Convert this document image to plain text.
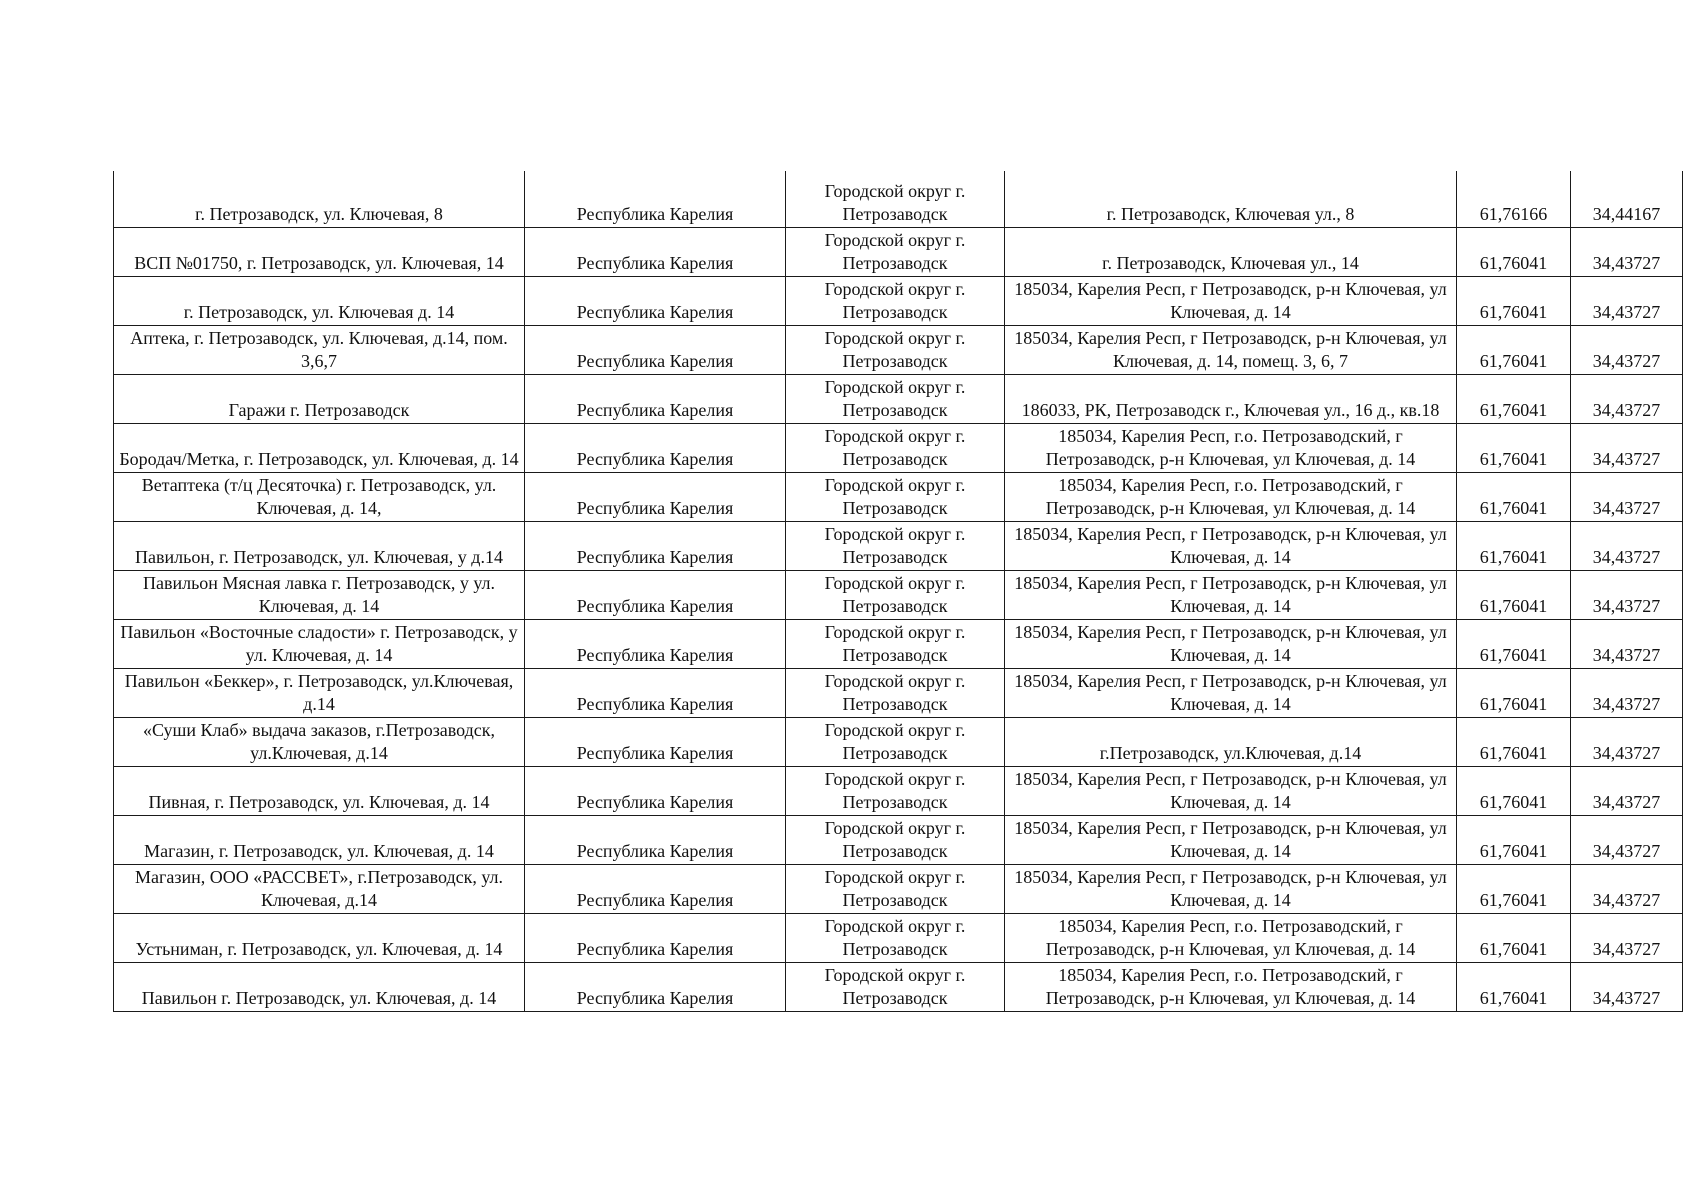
г. Петрозаводск, ул. Ключевая, 8	Республика Карелия	Городской округ г. Петрозаводск	г. Петрозаводск, Ключевая ул., 8	61,76166	34,44167
ВСП №01750, г. Петрозаводск, ул. Ключевая, 14	Республика Карелия	Городской округ г. Петрозаводск	г. Петрозаводск, Ключевая ул., 14	61,76041	34,43727
г. Петрозаводск, ул. Ключевая д. 14	Республика Карелия	Городской округ г. Петрозаводск	185034, Карелия Респ, г Петрозаводск, р-н Ключевая, ул Ключевая, д. 14	61,76041	34,43727
Аптека, г. Петрозаводск, ул. Ключевая, д.14, пом. 3,6,7	Республика Карелия	Городской округ г. Петрозаводск	185034, Карелия Респ, г Петрозаводск, р-н Ключевая, ул Ключевая, д. 14, помещ. 3, 6, 7	61,76041	34,43727
Гаражи г. Петрозаводск	Республика Карелия	Городской округ г. Петрозаводск	186033, РК, Петрозаводск г., Ключевая ул., 16 д., кв.18	61,76041	34,43727
Бородач/Метка, г. Петрозаводск, ул. Ключевая, д. 14	Республика Карелия	Городской округ г. Петрозаводск	185034, Карелия Респ, г.о. Петрозаводский, г Петрозаводск, р-н Ключевая, ул Ключевая, д. 14	61,76041	34,43727
Ветаптека (т/ц Десяточка) г. Петрозаводск, ул. Ключевая, д. 14,	Республика Карелия	Городской округ г. Петрозаводск	185034, Карелия Респ, г.о. Петрозаводский, г Петрозаводск, р-н Ключевая, ул Ключевая, д. 14	61,76041	34,43727
Павильон, г. Петрозаводск, ул. Ключевая, у д.14	Республика Карелия	Городской округ г. Петрозаводск	185034, Карелия Респ, г Петрозаводск, р-н Ключевая, ул Ключевая, д. 14	61,76041	34,43727
Павильон Мясная лавка г. Петрозаводск, у ул. Ключевая, д. 14	Республика Карелия	Городской округ г. Петрозаводск	185034, Карелия Респ, г Петрозаводск, р-н Ключевая, ул Ключевая, д. 14	61,76041	34,43727
Павильон «Восточные сладости» г. Петрозаводск, у ул. Ключевая, д. 14	Республика Карелия	Городской округ г. Петрозаводск	185034, Карелия Респ, г Петрозаводск, р-н Ключевая, ул Ключевая, д. 14	61,76041	34,43727
Павильон «Беккер», г. Петрозаводск, ул.Ключевая, д.14	Республика Карелия	Городской округ г. Петрозаводск	185034, Карелия Респ, г Петрозаводск, р-н Ключевая, ул Ключевая, д. 14	61,76041	34,43727
«Суши Клаб» выдача заказов, г.Петрозаводск, ул.Ключевая, д.14	Республика Карелия	Городской округ г. Петрозаводск	г.Петрозаводск, ул.Ключевая, д.14	61,76041	34,43727
Пивная, г. Петрозаводск, ул. Ключевая, д. 14	Республика Карелия	Городской округ г. Петрозаводск	185034, Карелия Респ, г Петрозаводск, р-н Ключевая, ул Ключевая, д. 14	61,76041	34,43727
Магазин, г. Петрозаводск, ул. Ключевая, д. 14	Республика Карелия	Городской округ г. Петрозаводск	185034, Карелия Респ, г Петрозаводск, р-н Ключевая, ул Ключевая, д. 14	61,76041	34,43727
Магазин, ООО «РАССВЕТ», г.Петрозаводск, ул. Ключевая, д.14	Республика Карелия	Городской округ г. Петрозаводск	185034, Карелия Респ, г Петрозаводск, р-н Ключевая, ул Ключевая, д. 14	61,76041	34,43727
Устьниман, г. Петрозаводск, ул. Ключевая, д. 14	Республика Карелия	Городской округ г. Петрозаводск	185034, Карелия Респ, г.о. Петрозаводский, г Петрозаводск, р-н Ключевая, ул Ключевая, д. 14	61,76041	34,43727
Павильон г. Петрозаводск, ул. Ключевая, д. 14	Республика Карелия	Городской округ г. Петрозаводск	185034, Карелия Респ, г.о. Петрозаводский, г Петрозаводск, р-н Ключевая, ул Ключевая, д. 14	61,76041	34,43727
